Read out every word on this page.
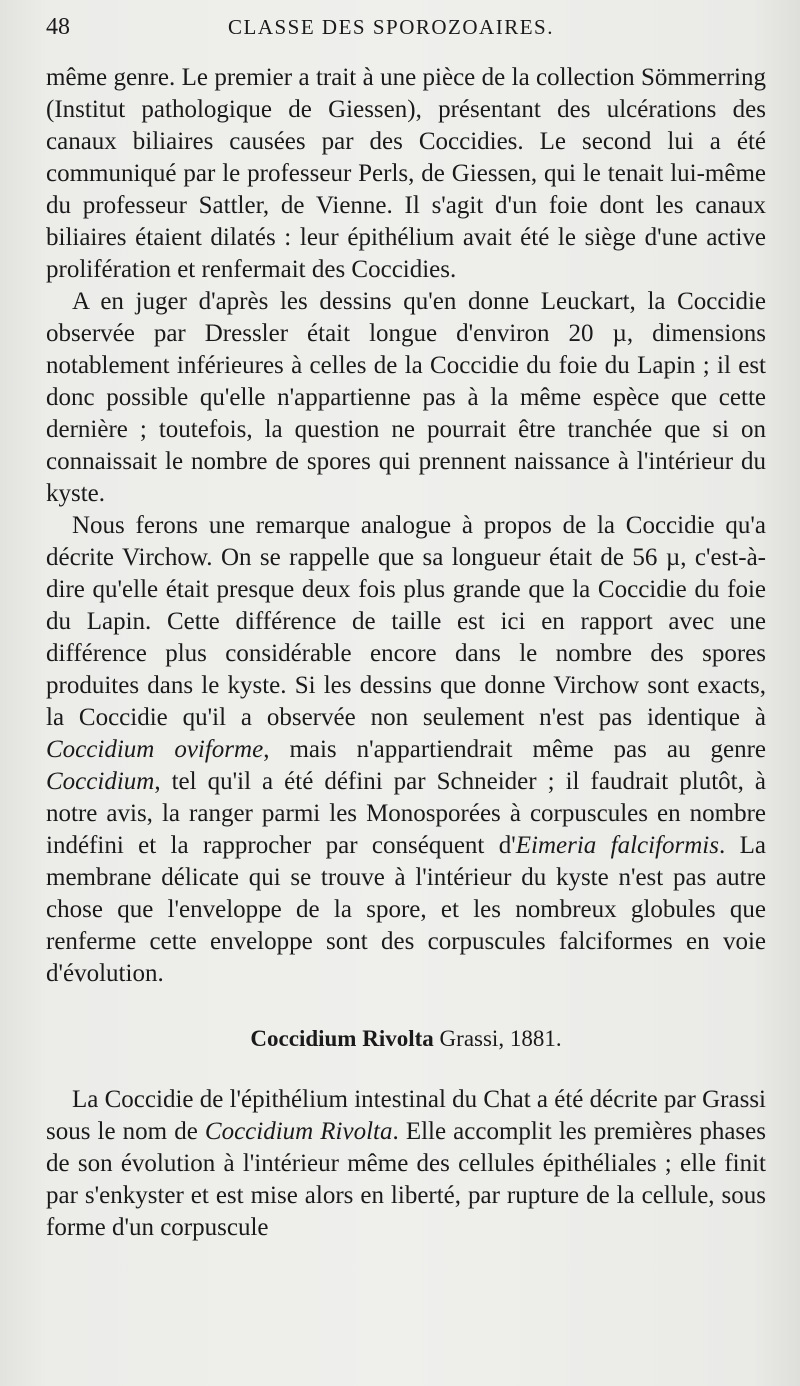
48	CLASSE DES SPOROZOAIRES.

même genre. Le premier a trait à une pièce de la collection Sömmerring (Institut pathologique de Giessen), présentant des ulcérations des canaux biliaires causées par des Coccidies. Le second lui a été communiqué par le professeur Perls, de Giessen, qui le tenait lui-même du professeur Sattler, de Vienne. Il s'agit d'un foie dont les canaux biliaires étaient dilatés : leur épithélium avait été le siège d'une active prolifération et renfermait des Coccidies.

A en juger d'après les dessins qu'en donne Leuckart, la Coccidie observée par Dressler était longue d'environ 20 µ, dimensions notablement inférieures à celles de la Coccidie du foie du Lapin ; il est donc possible qu'elle n'appartienne pas à la même espèce que cette dernière ; toutefois, la question ne pourrait être tranchée que si on connaissait le nombre de spores qui prennent naissance à l'intérieur du kyste.

Nous ferons une remarque analogue à propos de la Coccidie qu'a décrite Virchow. On se rappelle que sa longueur était de 56 µ, c'est-à-dire qu'elle était presque deux fois plus grande que la Coccidie du foie du Lapin. Cette différence de taille est ici en rapport avec une différence plus considérable encore dans le nombre des spores produites dans le kyste. Si les dessins que donne Virchow sont exacts, la Coccidie qu'il a observée non seulement n'est pas identique à Coccidium oviforme, mais n'appartiendrait même pas au genre Coccidium, tel qu'il a été défini par Schneider ; il faudrait plutôt, à notre avis, la ranger parmi les Monosporées à corpuscules en nombre indéfini et la rapprocher par conséquent d'Eimeria falciformis. La membrane délicate qui se trouve à l'intérieur du kyste n'est pas autre chose que l'enveloppe de la spore, et les nombreux globules que renferme cette enveloppe sont des corpuscules falciformes en voie d'évolution.

Coccidium Rivolta Grassi, 1881.

La Coccidie de l'épithélium intestinal du Chat a été décrite par Grassi sous le nom de Coccidium Rivolta. Elle accomplit les premières phases de son évolution à l'intérieur même des cellules épithéliales ; elle finit par s'enkyster et est mise alors en liberté, par rupture de la cellule, sous forme d'un corpuscule
